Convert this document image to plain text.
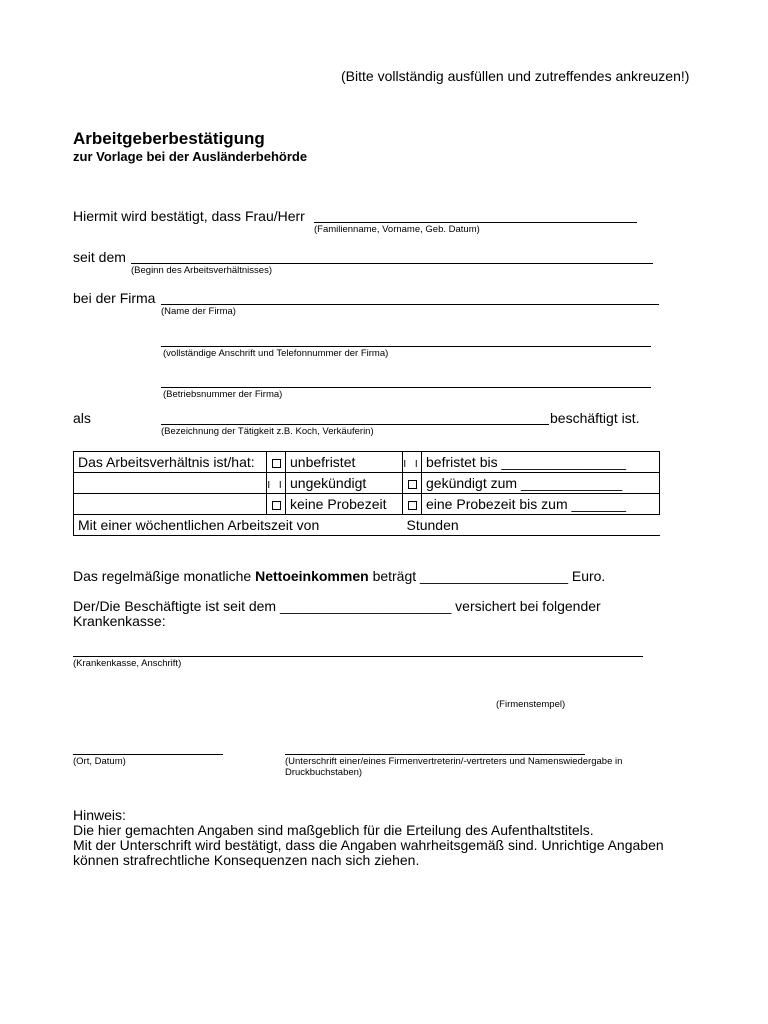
(Bitte vollständig ausfüllen und zutreffendes ankreuzen!)
Arbeitgeberbestätigung
zur Vorlage bei der Ausländerbehörde
Hiermit wird bestätigt, dass Frau/Herr
(Familienname, Vorname, Geb. Datum)
seit dem
(Beginn des Arbeitsverhältnisses)
bei der Firma
(Name der Firma)
(vollständige Anschrift und Telefonnummer der Firma)
(Betriebsnummer der Firma)
als	beschäftigt ist.
(Bezeichnung der Tätigkeit z.B. Koch, Verkäuferin)
Das Arbeitsverhältnis ist/hat:		unbefristet	I I	befristet bis ________________
	I I	ungekündigt		gekündigt zum _____________
		keine Probezeit		eine Probezeit bis zum _______
Mit einer wöchentlichen Arbeitszeit von			Stunden	
Das regelmäßige monatliche Nettoeinkommen beträgt ___________________ Euro.
Der/Die Beschäftigte ist seit dem ______________________ versichert bei folgender
Krankenkasse:
(Krankenkasse, Anschrift)
(Firmenstempel)
(Ort, Datum)	(Unterschrift einer/eines Firmenvertreterin/-vertreters und Namenswiedergabe in
Druckbuchstaben)
Hinweis:
Die hier gemachten Angaben sind maßgeblich für die Erteilung des Aufenthaltstitels.
Mit der Unterschrift wird bestätigt, dass die Angaben wahrheitsgemäß sind. Unrichtige Angaben
können strafrechtliche Konsequenzen nach sich ziehen.
